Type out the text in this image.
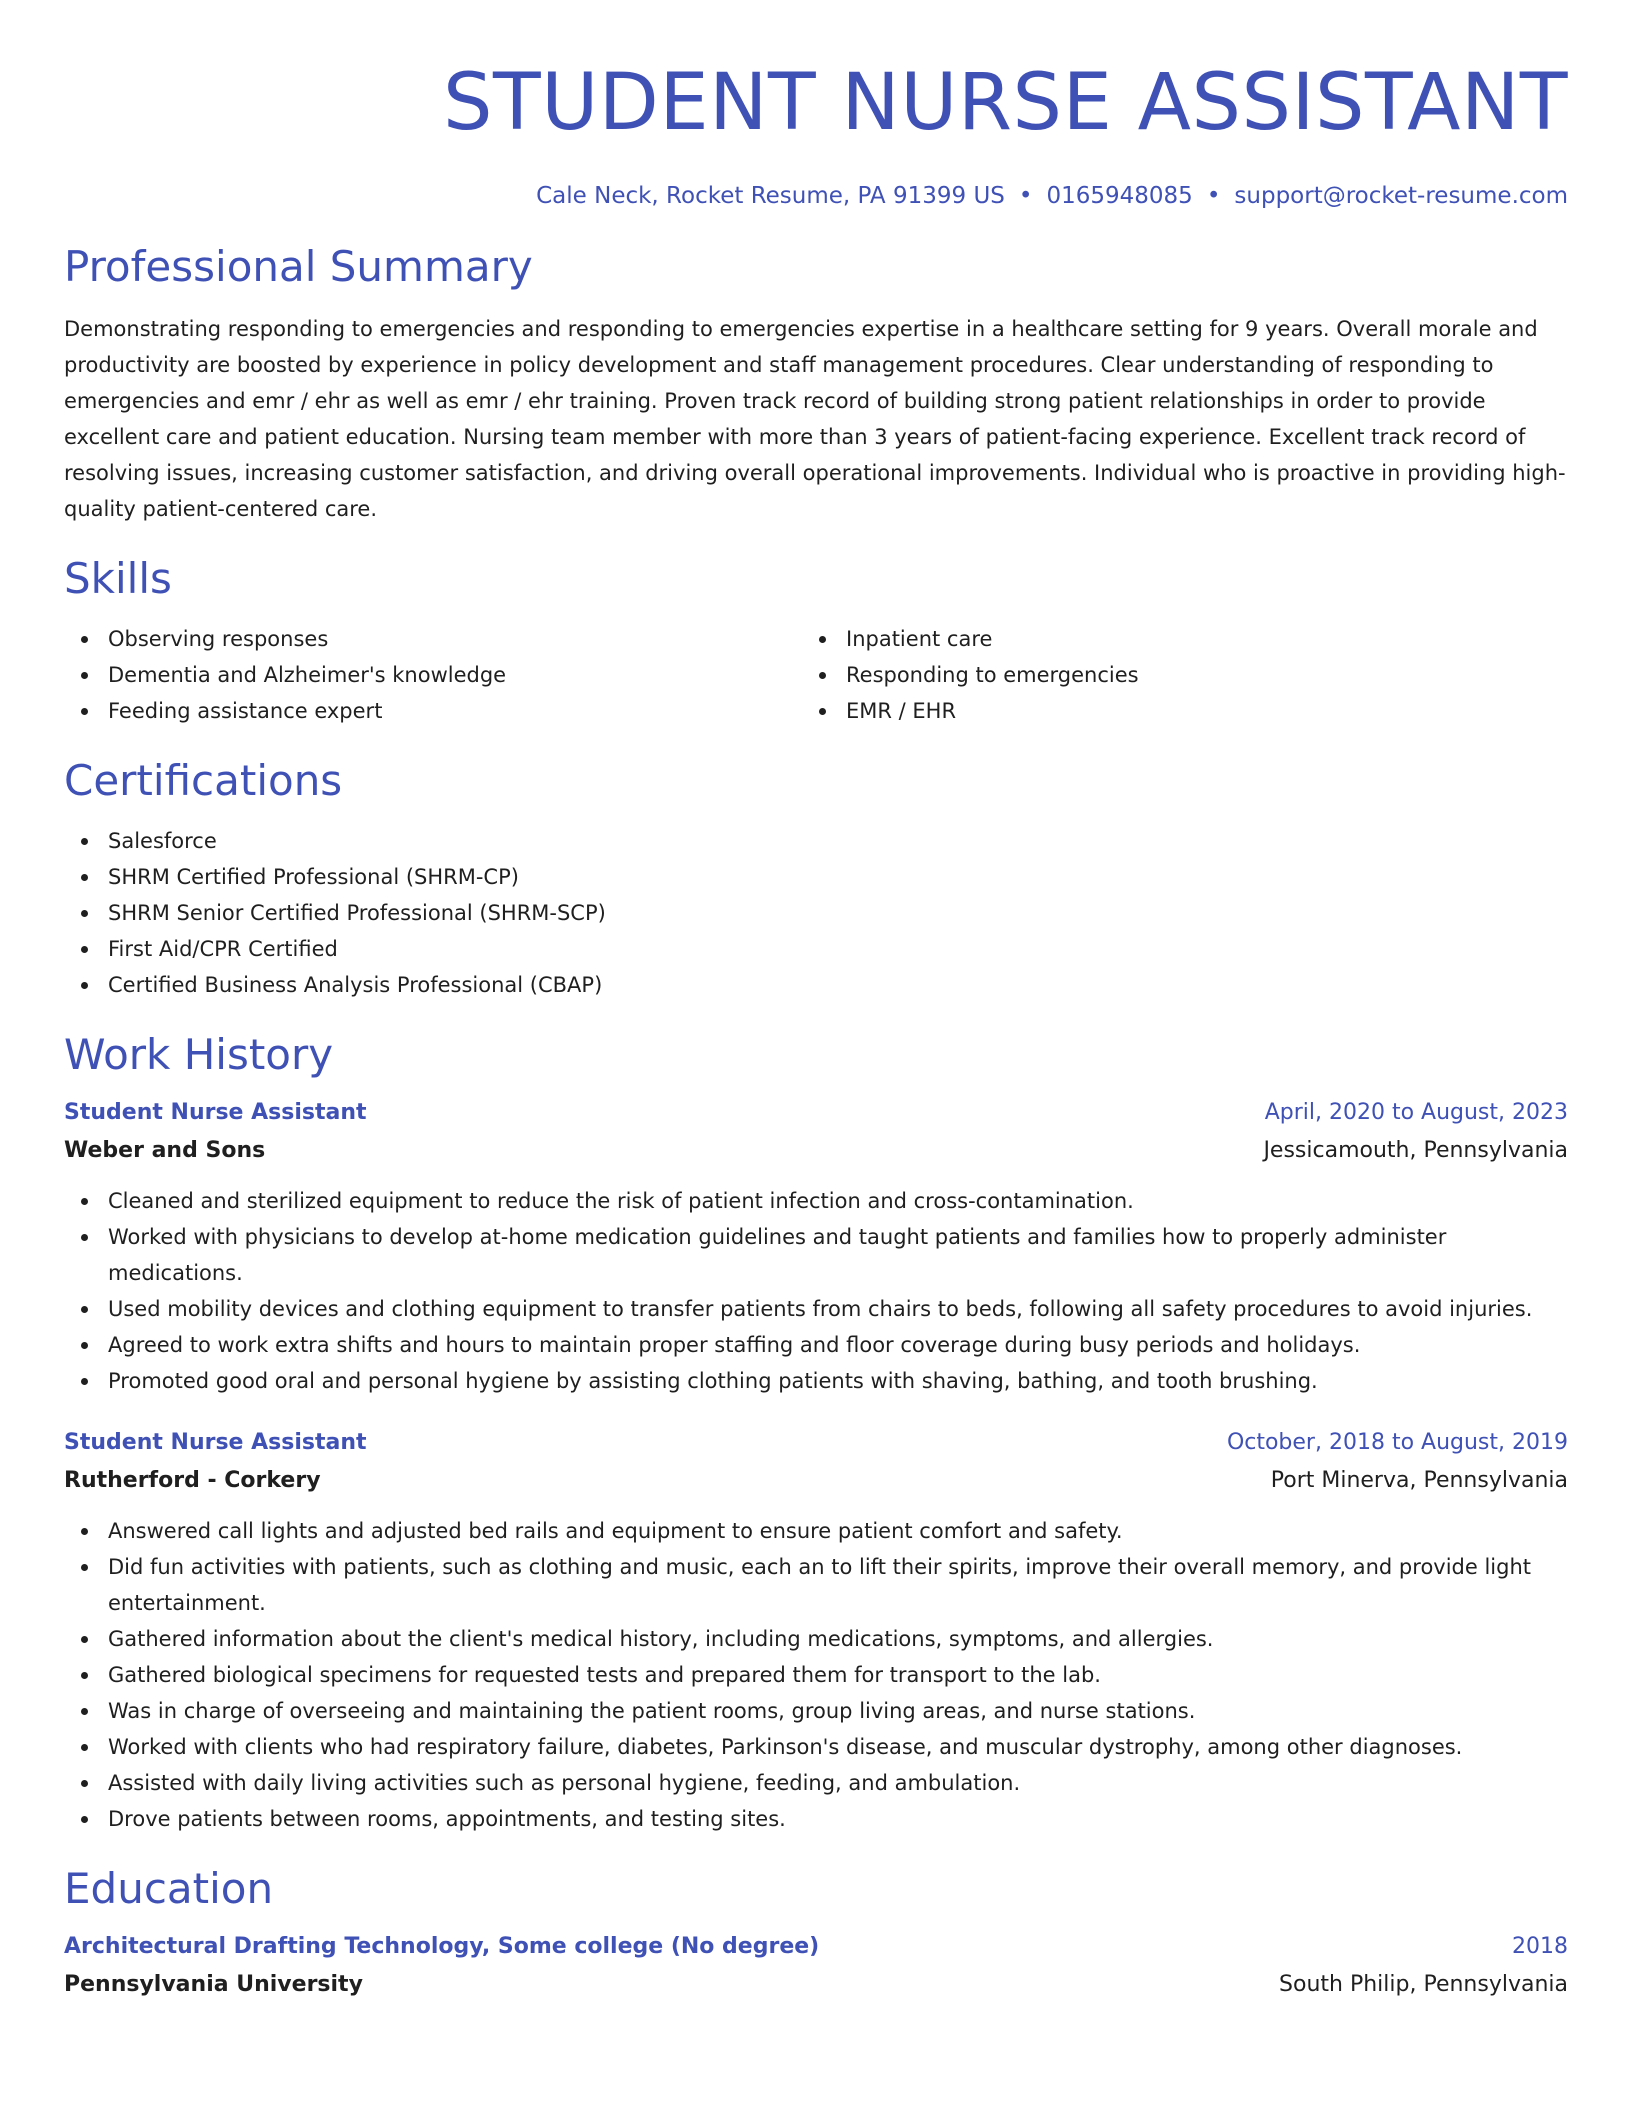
STUDENT NURSE ASSISTANT
Cale Neck, Rocket Resume, PA 91399 US • 0165948085 • support@rocket-resume.com
Professional Summary
Demonstrating responding to emergencies and responding to emergencies expertise in a healthcare setting for 9 years. Overall morale and productivity are boosted by experience in policy development and staff management procedures. Clear understanding of responding to emergencies and emr / ehr as well as emr / ehr training. Proven track record of building strong patient relationships in order to provide excellent care and patient education. Nursing team member with more than 3 years of patient-facing experience. Excellent track record of resolving issues, increasing customer satisfaction, and driving overall operational improvements. Individual who is proactive in providing high-quality patient-centered care.
Skills
Observing responses
Dementia and Alzheimer's knowledge
Feeding assistance expert
Inpatient care
Responding to emergencies
EMR / EHR
Certifications
Salesforce
SHRM Certified Professional (SHRM-CP)
SHRM Senior Certified Professional (SHRM-SCP)
First Aid/CPR Certified
Certified Business Analysis Professional (CBAP)
Work History
Student Nurse Assistant	April, 2020 to August, 2023
Weber and Sons	Jessicamouth, Pennsylvania
Cleaned and sterilized equipment to reduce the risk of patient infection and cross-contamination.
Worked with physicians to develop at-home medication guidelines and taught patients and families how to properly administer medications.
Used mobility devices and clothing equipment to transfer patients from chairs to beds, following all safety procedures to avoid injuries.
Agreed to work extra shifts and hours to maintain proper staffing and floor coverage during busy periods and holidays.
Promoted good oral and personal hygiene by assisting clothing patients with shaving, bathing, and tooth brushing.
Student Nurse Assistant	October, 2018 to August, 2019
Rutherford - Corkery	Port Minerva, Pennsylvania
Answered call lights and adjusted bed rails and equipment to ensure patient comfort and safety.
Did fun activities with patients, such as clothing and music, each an to lift their spirits, improve their overall memory, and provide light entertainment.
Gathered information about the client's medical history, including medications, symptoms, and allergies.
Gathered biological specimens for requested tests and prepared them for transport to the lab.
Was in charge of overseeing and maintaining the patient rooms, group living areas, and nurse stations.
Worked with clients who had respiratory failure, diabetes, Parkinson's disease, and muscular dystrophy, among other diagnoses.
Assisted with daily living activities such as personal hygiene, feeding, and ambulation.
Drove patients between rooms, appointments, and testing sites.
Education
Architectural Drafting Technology, Some college (No degree)	2018
Pennsylvania University	South Philip, Pennsylvania
